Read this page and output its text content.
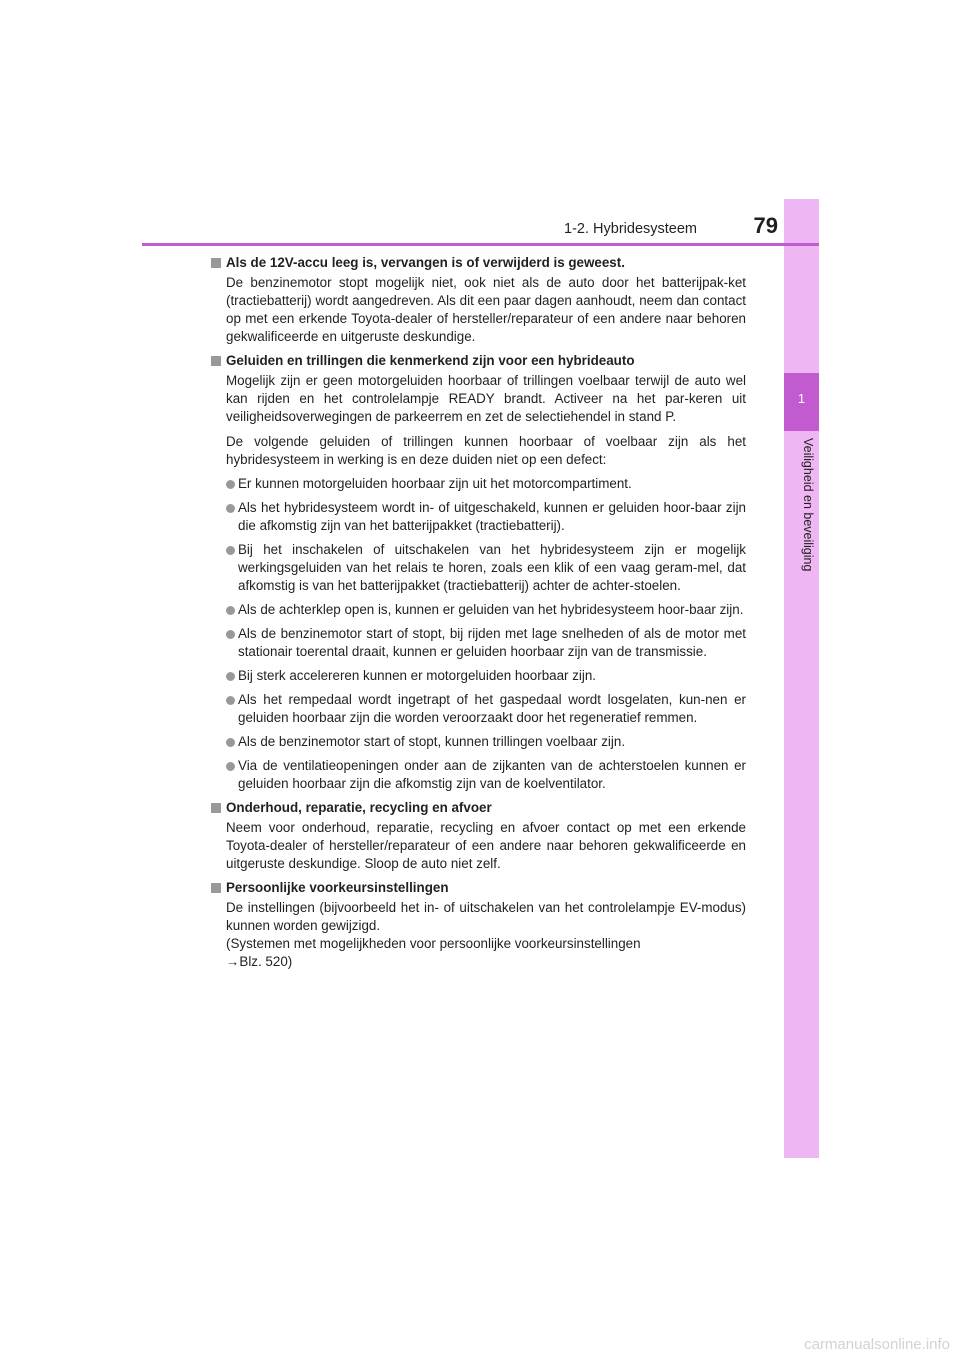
1
Veiligheid en beveiliging
1-2. Hybridesysteem	79
Als de 12V-accu leeg is, vervangen is of verwijderd is geweest.
De benzinemotor stopt mogelijk niet, ook niet als de auto door het batterijpak-ket (tractiebatterij) wordt aangedreven. Als dit een paar dagen aanhoudt, neem dan contact op met een erkende Toyota-dealer of hersteller/reparateur of een andere naar behoren gekwalificeerde en uitgeruste deskundige.
Geluiden en trillingen die kenmerkend zijn voor een hybrideauto
Mogelijk zijn er geen motorgeluiden hoorbaar of trillingen voelbaar terwijl de auto wel kan rijden en het controlelampje READY brandt. Activeer na het par-keren uit veiligheidsoverwegingen de parkeerrem en zet de selectiehendel in stand P.
De volgende geluiden of trillingen kunnen hoorbaar of voelbaar zijn als het hybridesysteem in werking is en deze duiden niet op een defect:
Er kunnen motorgeluiden hoorbaar zijn uit het motorcompartiment.
Als het hybridesysteem wordt in- of uitgeschakeld, kunnen er geluiden hoor-baar zijn die afkomstig zijn van het batterijpakket (tractiebatterij).
Bij het inschakelen of uitschakelen van het hybridesysteem zijn er mogelijk werkingsgeluiden van het relais te horen, zoals een klik of een vaag geram-mel, dat afkomstig is van het batterijpakket (tractiebatterij) achter de achter-stoelen.
Als de achterklep open is, kunnen er geluiden van het hybridesysteem hoor-baar zijn.
Als de benzinemotor start of stopt, bij rijden met lage snelheden of als de motor met stationair toerental draait, kunnen er geluiden hoorbaar zijn van de transmissie.
Bij sterk accelereren kunnen er motorgeluiden hoorbaar zijn.
Als het rempedaal wordt ingetrapt of het gaspedaal wordt losgelaten, kun-nen er geluiden hoorbaar zijn die worden veroorzaakt door het regeneratief remmen.
Als de benzinemotor start of stopt, kunnen trillingen voelbaar zijn.
Via de ventilatieopeningen onder aan de zijkanten van de achterstoelen kunnen er geluiden hoorbaar zijn die afkomstig zijn van de koelventilator.
Onderhoud, reparatie, recycling en afvoer
Neem voor onderhoud, reparatie, recycling en afvoer contact op met een erkende Toyota-dealer of hersteller/reparateur of een andere naar behoren gekwalificeerde en uitgeruste deskundige. Sloop de auto niet zelf.
Persoonlijke voorkeursinstellingen
De instellingen (bijvoorbeeld het in- of uitschakelen van het controlelampje EV-modus) kunnen worden gewijzigd.
(Systemen met mogelijkheden voor persoonlijke voorkeursinstellingen
→Blz. 520)
carmanualsonline.info
